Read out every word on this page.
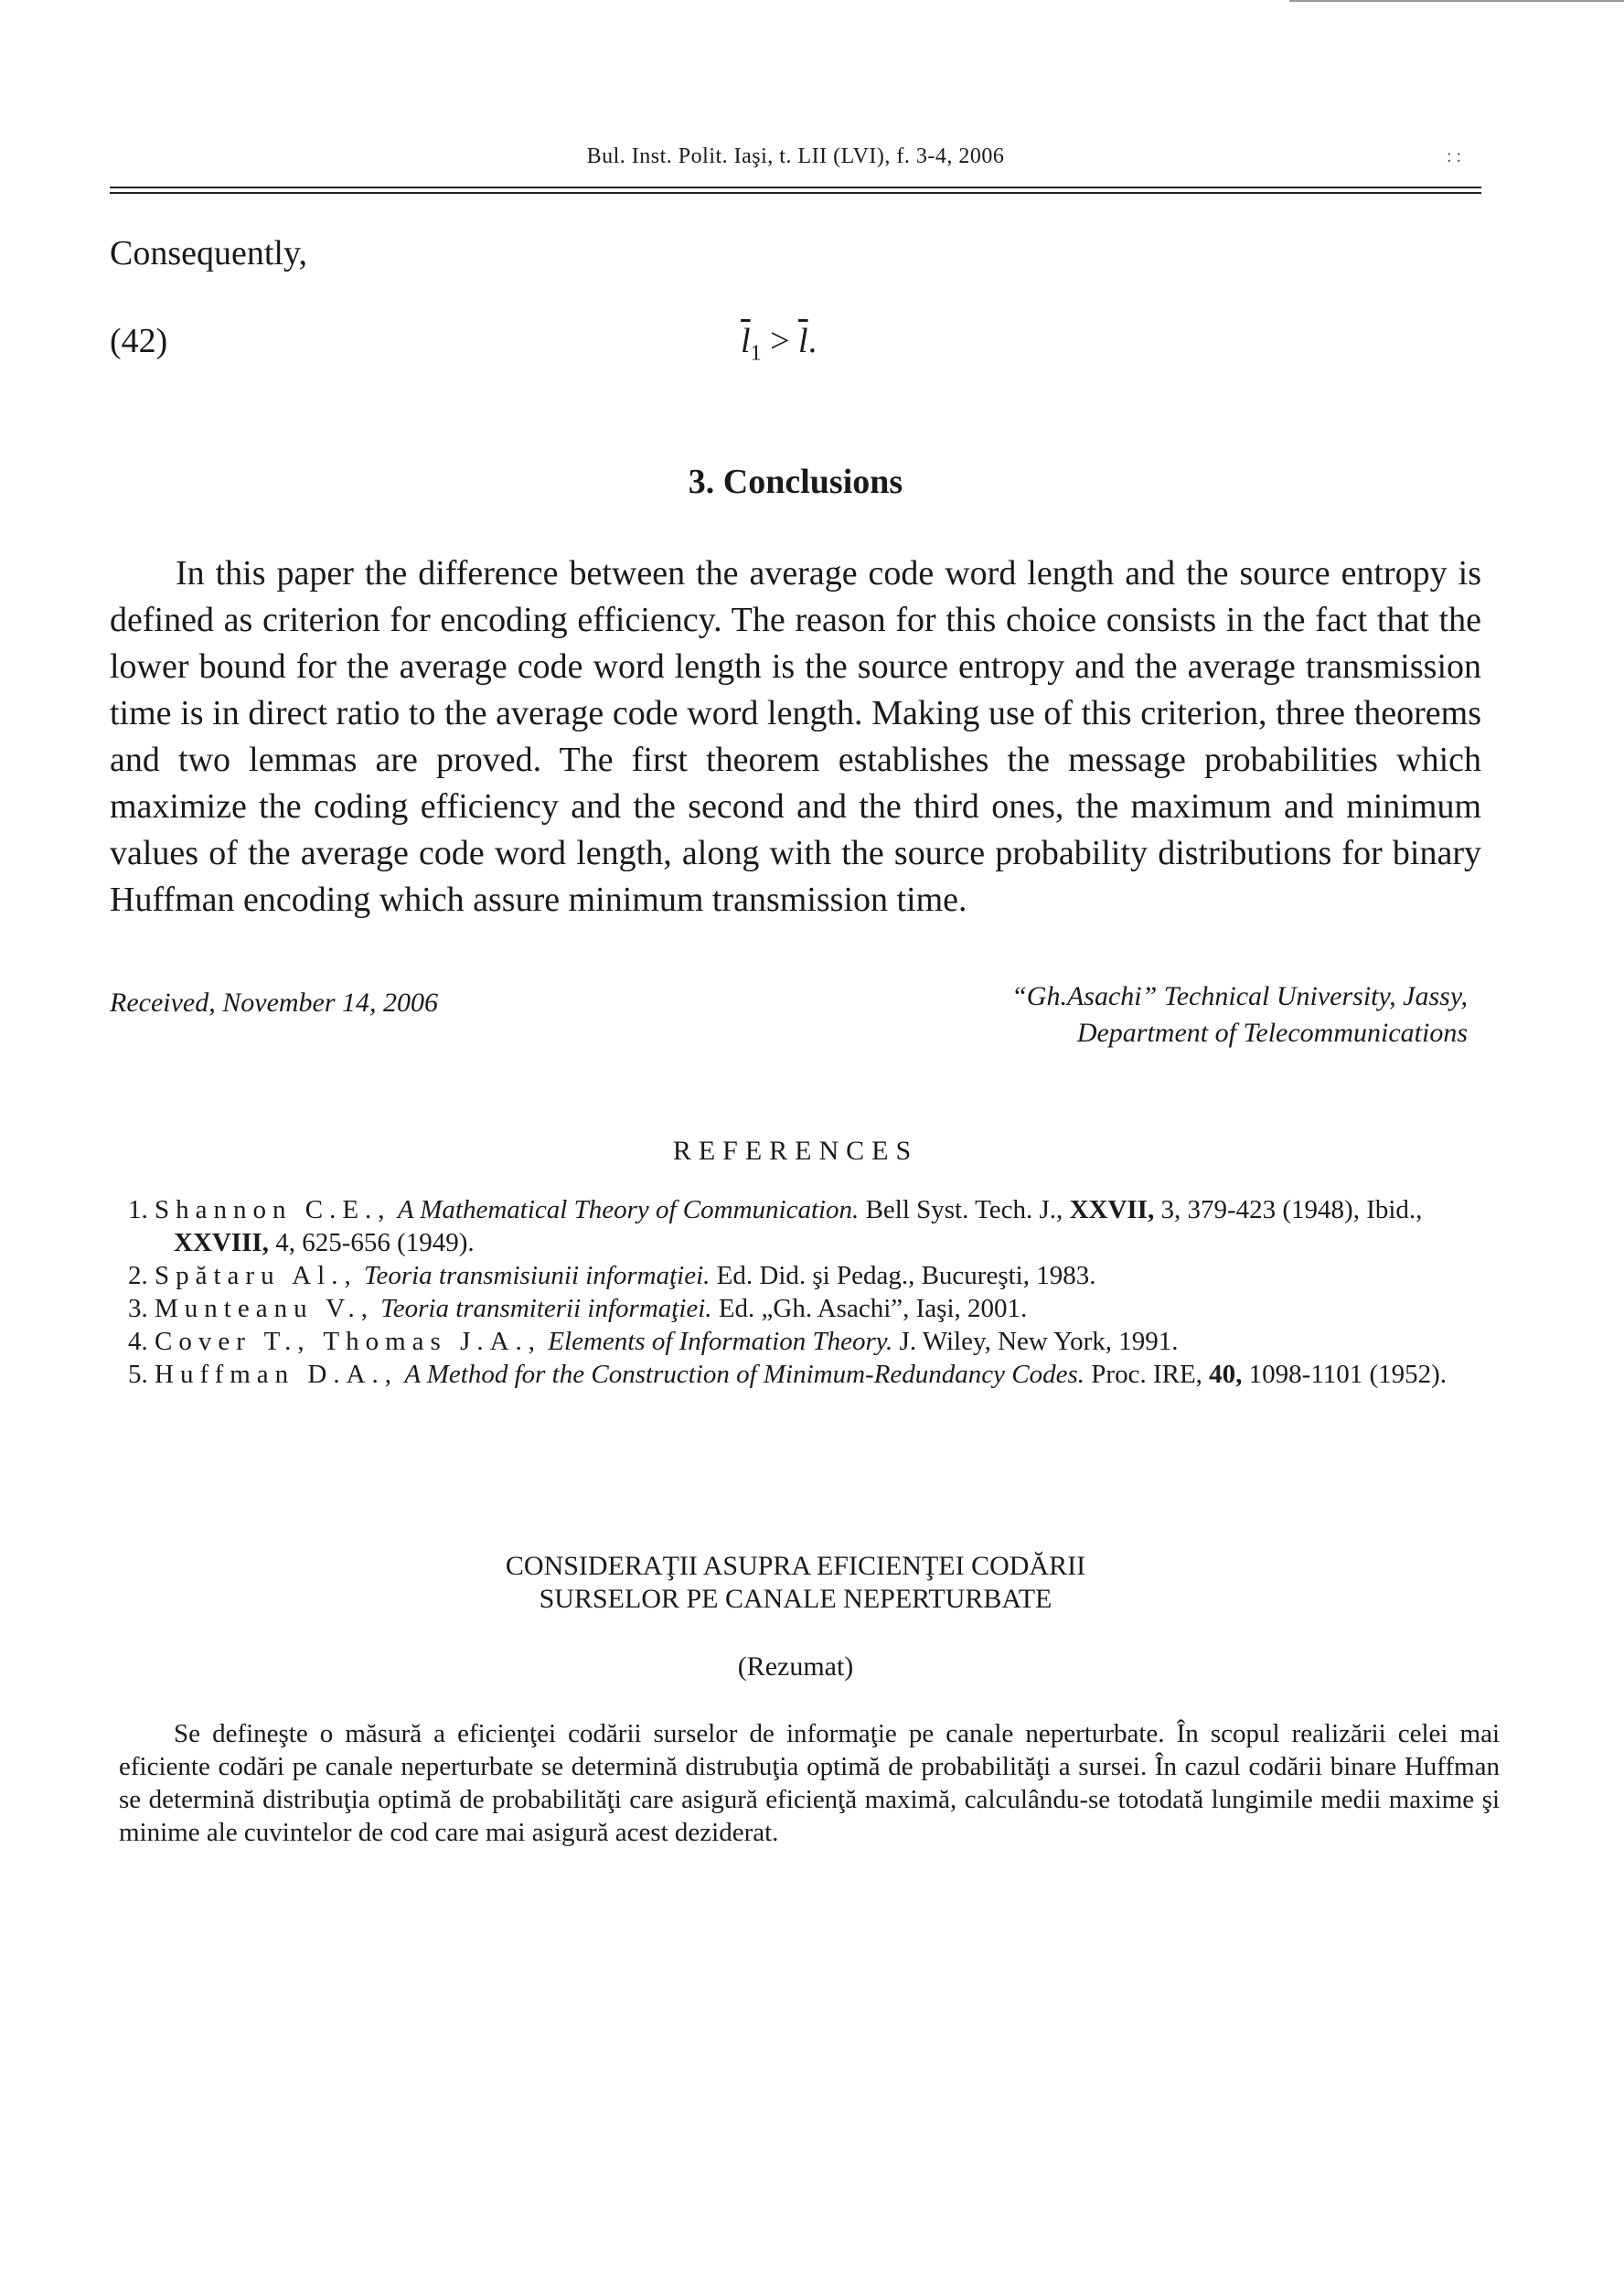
Bul. Inst. Polit. Iaşi, t. LII (LVI), f. 3-4, 2006	: :
Consequently,
(42)	$\overline{l}_1 > \overline{l}$.
3. Conclusions
In this paper the difference between the average code word length and the source entropy is defined as criterion for encoding efficiency. The reason for this choice consists in the fact that the lower bound for the average code word length is the source entropy and the average transmission time is in direct ratio to the average code word length. Making use of this criterion, three theorems and two lemmas are proved. The first theorem establishes the message probabilities which maximize the coding efficiency and the second and the third ones, the maximum and minimum values of the average code word length, along with the source probability distributions for binary Huffman encoding which assure minimum transmission time.
Received, November 14, 2006	“Gh.Asachi” Technical University, Jassy,
Department of Telecommunications
REFERENCES
1. Shannon C.E., A Mathematical Theory of Communication. Bell Syst. Tech. J., XXVII, 3, 379-423 (1948), Ibid., XXVIII, 4, 625-656 (1949).
2. Spătaru Al., Teoria transmisiunii informaţiei. Ed. Did. şi Pedag., Bucureşti, 1983.
3. Munteanu V., Teoria transmiterii informaţiei. Ed. „Gh. Asachi”, Iaşi, 2001.
4. Cover T., Thomas J.A., Elements of Information Theory. J. Wiley, New York, 1991.
5. Huffman D.A., A Method for the Construction of Minimum-Redundancy Codes. Proc. IRE, 40, 1098-1101 (1952).
CONSIDERAŢII ASUPRA EFICIENŢEI CODĂRII
SURSELOR PE CANALE NEPERTURBATE
(Rezumat)
Se defineşte o măsură a eficienţei codării surselor de informaţie pe canale neperturbate. În scopul realizării celei mai eficiente codări pe canale neperturbate se determină distrubuţia optimă de probabilităţi a sursei. În cazul codării binare Huffman se determină distribuţia optimă de probabilităţi care asigură eficienţă maximă, calculându-se totodată lungimile medii maxime şi minime ale cuvintelor de cod care mai asigură acest deziderat.
